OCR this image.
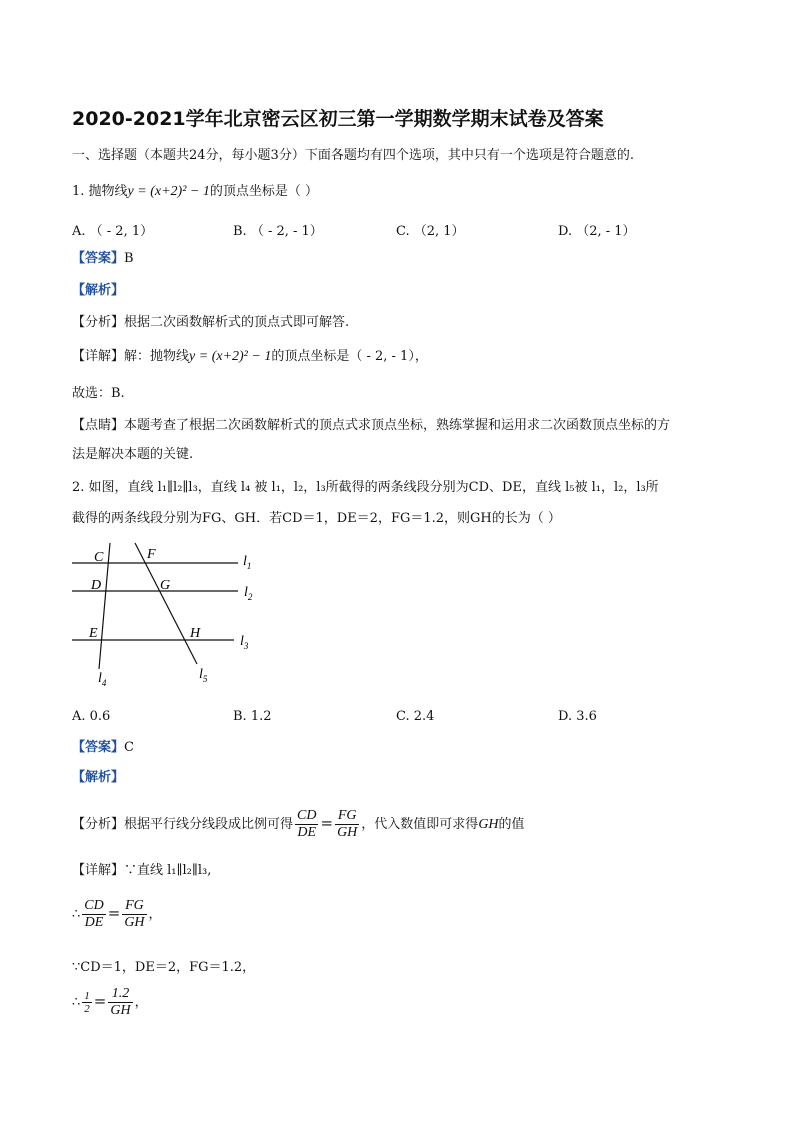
2020-2021学年北京密云区初三第一学期数学期末试卷及答案
一、选择题（本题共24分，每小题3分）下面各题均有四个选项，其中只有一个选项是符合题意的.
1. 抛物线y = (x+2)² − 1的顶点坐标是（ ）
A. （ - 2, 1）	B. （ - 2, - 1）	C. （2, 1）	D. （2, - 1）
【答案】B
【解析】
【分析】根据二次函数解析式的顶点式即可解答.
【详解】解：抛物线y = (x+2)² − 1的顶点坐标是（ - 2, - 1），
故选：B.
【点睛】本题考查了根据二次函数解析式的顶点式求顶点坐标，熟练掌握和运用求二次函数顶点坐标的方
法是解决本题的关键.
2. 如图，直线 l₁∥l₂∥l₃，直线 l₄ 被 l₁，l₂，l₃所截得的两条线段分别为CD、DE，直线 l₅被 l₁，l₂，l₃所
截得的两条线段分别为FG、GH．若CD＝1，DE＝2，FG＝1.2，则GH的长为（ ）
C	F	$l_1$
D	G	$l_2$
E	H
$l_3$
$l_4$
$l_5$
A. 0.6	B. 1.2	C. 2.4	D. 3.6
【答案】C
【解析】
【分析】根据平行线分线段成比例可得 $\frac{CD}{DE} = \frac{FG}{GH}$ ，代入数值即可求得GH的值
【详解】∵直线 l₁∥l₂∥l₃,
∴ $\frac{CD}{DE} = \frac{FG}{GH}$ ，
∵CD＝1，DE＝2，FG＝1.2，
∴ $\frac{1}{2} = \frac{1.2}{GH}$ ，
